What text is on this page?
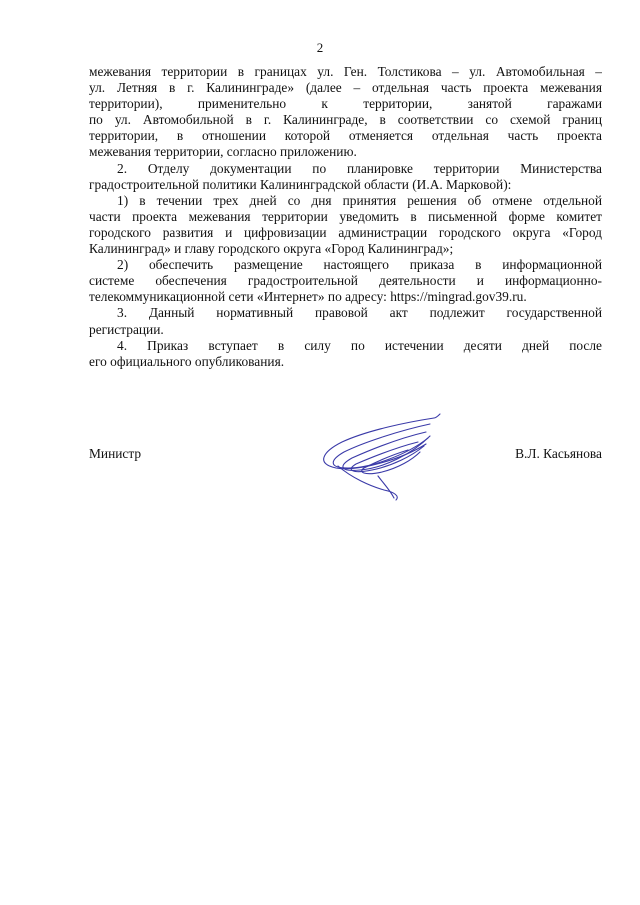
2
межевания территории в границах ул. Ген. Толстикова – ул. Автомобильная –
ул. Летняя в г. Калининграде» (далее – отдельная часть проекта межевания
территории), применительно к территории, занятой гаражами
по ул. Автомобильной в г. Калининграде, в соответствии со схемой границ
территории, в отношении которой отменяется отдельная часть проекта
межевания территории, согласно приложению.
2. Отделу документации по планировке территории Министерства
градостроительной политики Калининградской области (И.А. Марковой):
1) в течении трех дней со дня принятия решения об отмене отдельной
части проекта межевания территории уведомить в письменной форме комитет
городского развития и цифровизации администрации городского округа «Город
Калининград» и главу городского округа «Город Калининград»;
2) обеспечить размещение настоящего приказа в информационной
системе обеспечения градостроительной деятельности и информационно-
телекоммуникационной сети «Интернет» по адресу: https://mingrad.gov39.ru.
3. Данный нормативный правовой акт подлежит государственной
регистрации.
4. Приказ вступает в силу по истечении десяти дней после
его официального опубликования.
Министр	В.Л. Касьянова
